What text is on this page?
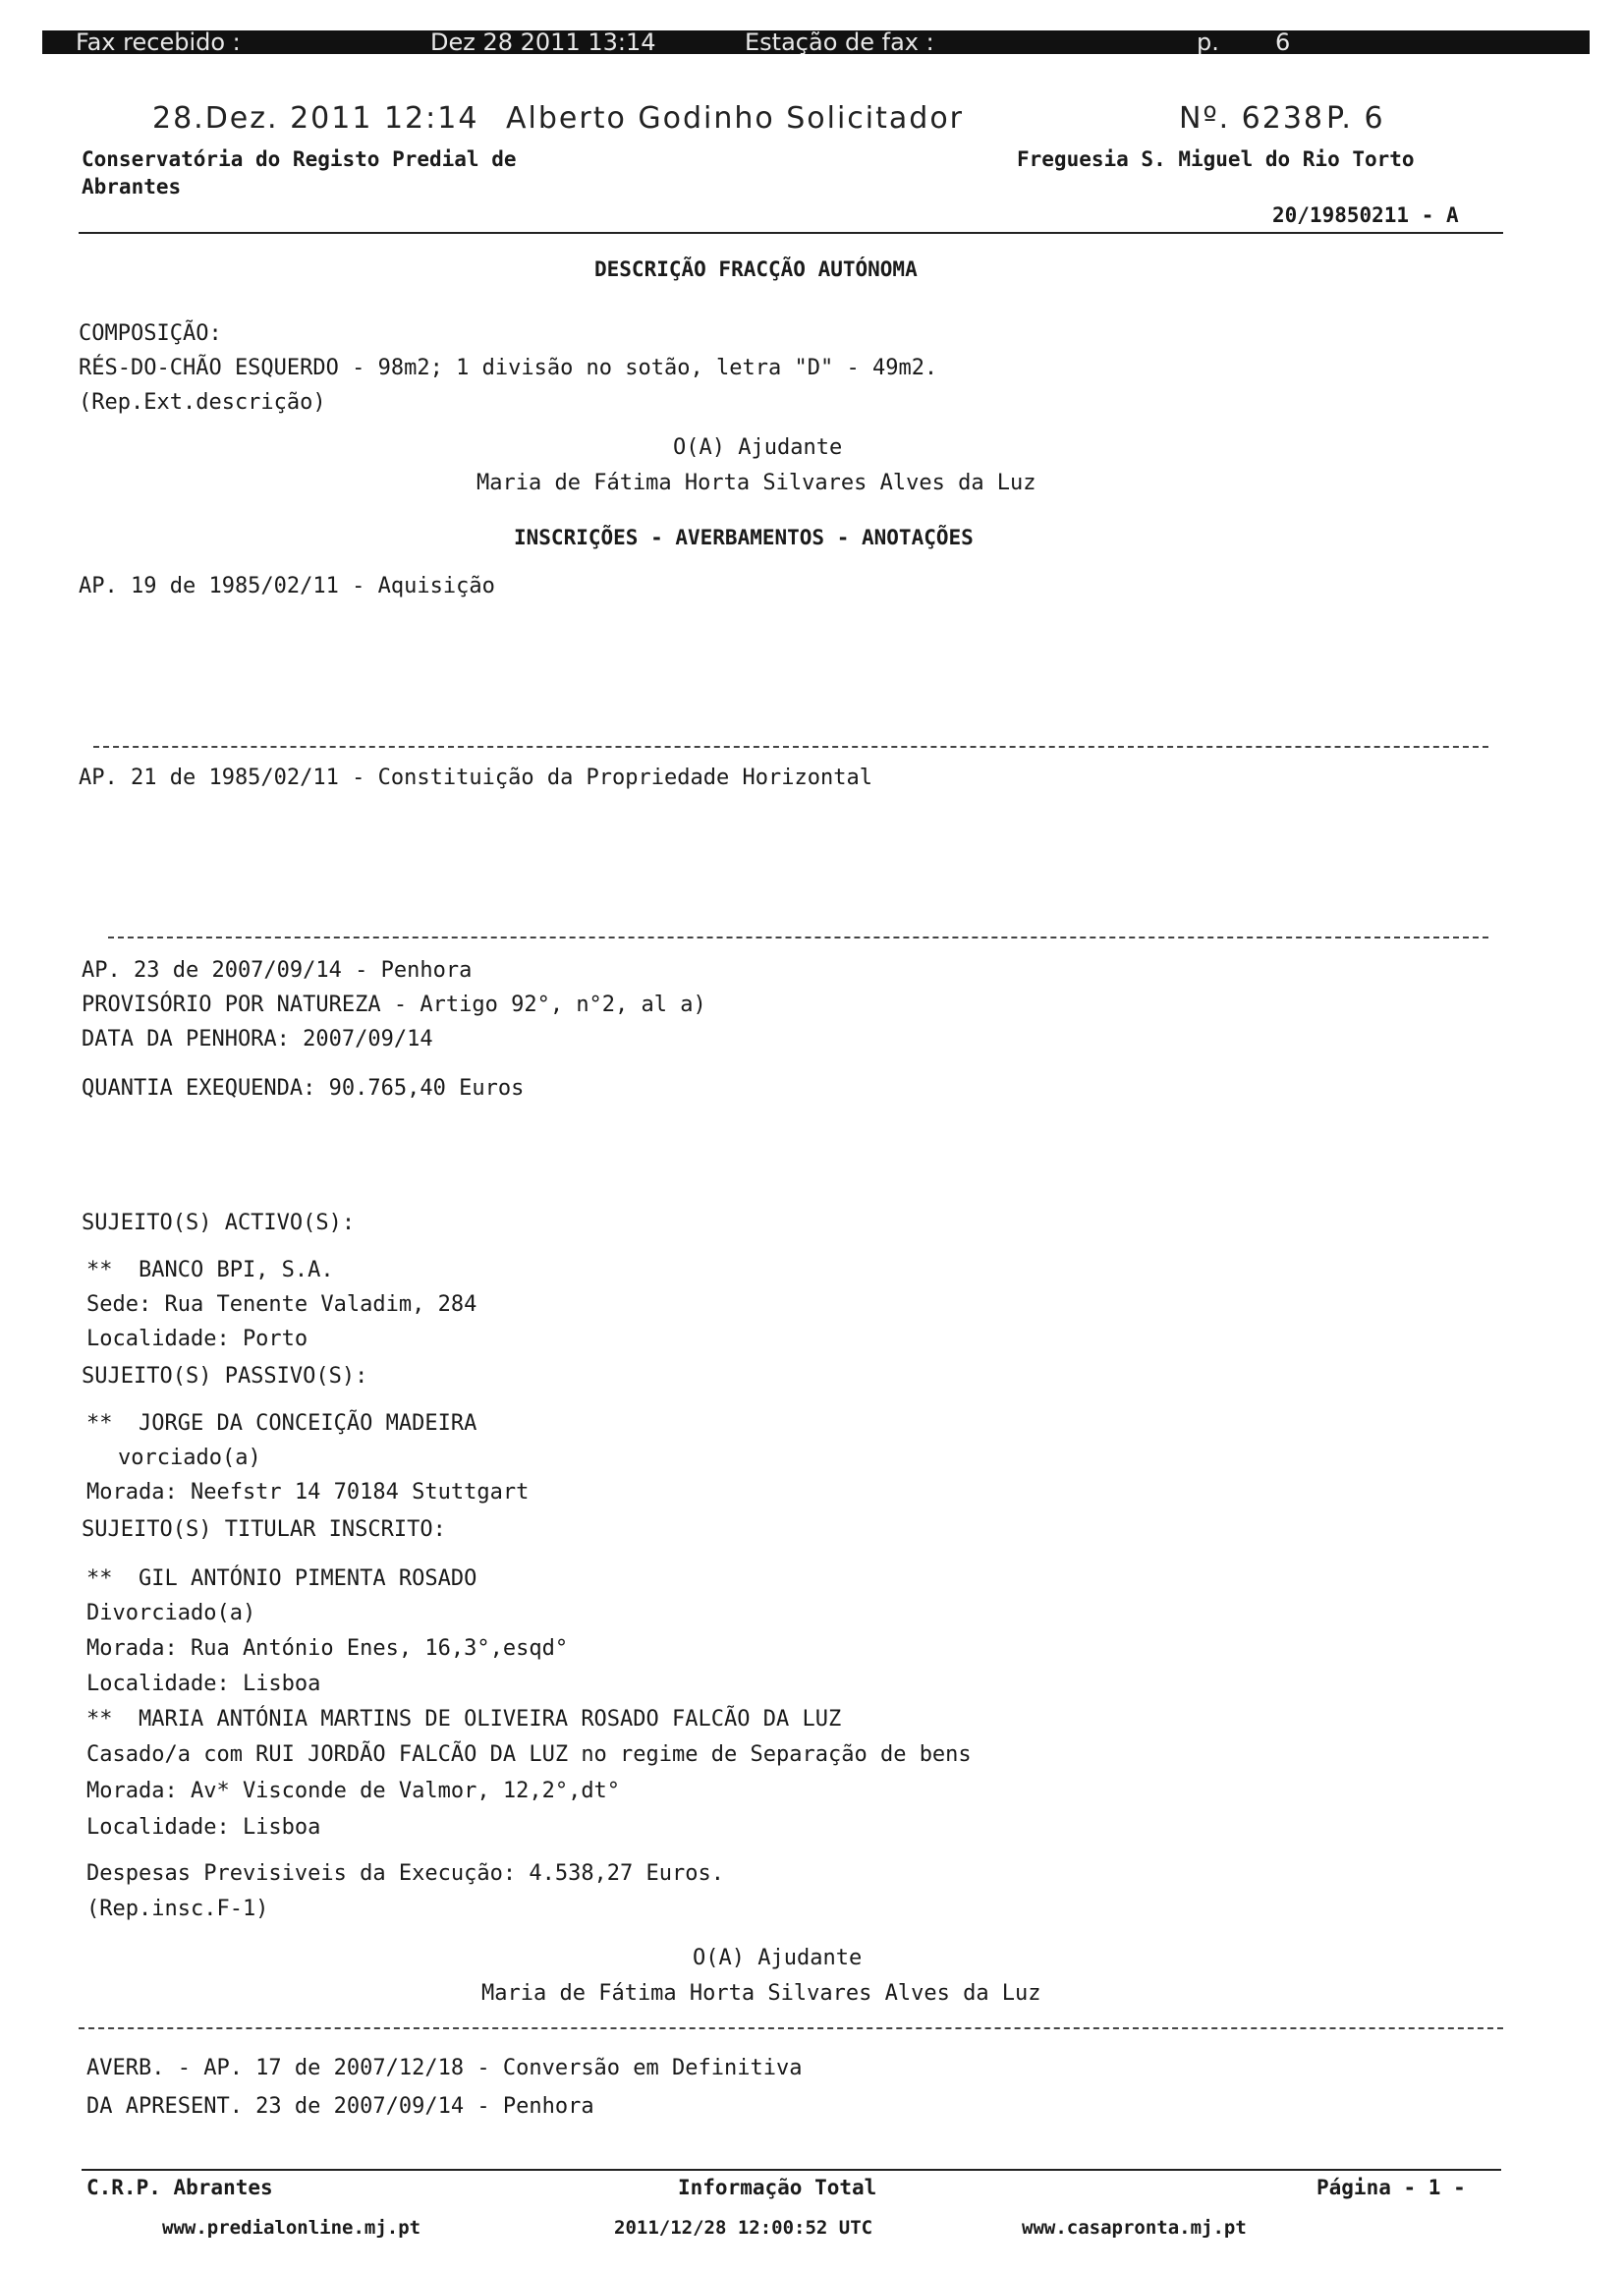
Fax recebido :	Dez 28 2011 13:14	Estação de fax :	p. 6
28.Dez. 2011 12:14 Alberto Godinho Solicitador	Nº. 6238 P. 6
Conservatória do Registo Predial de
Abrantes
Freguesia S. Miguel do Rio Torto
20/19850211 - A
DESCRIÇÃO FRACÇÃO AUTÓNOMA
COMPOSIÇÃO:
RÉS-DO-CHÃO ESQUERDO - 98m2; 1 divisão no sotão, letra "D" - 49m2.
(Rep.Ext.descrição)
O(A) Ajudante
Maria de Fátima Horta Silvares Alves da Luz
INSCRIÇÕES - AVERBAMENTOS - ANOTAÇÕES
AP. 19 de 1985/02/11 - Aquisição
AP. 21 de 1985/02/11 - Constituição da Propriedade Horizontal
AP. 23 de 2007/09/14 - Penhora
PROVISÓRIO POR NATUREZA - Artigo 92°, n°2, al a)
DATA DA PENHORA: 2007/09/14
QUANTIA EXEQUENDA: 90.765,40 Euros
SUJEITO(S) ACTIVO(S):
**  BANCO BPI, S.A.
Sede: Rua Tenente Valadim, 284
Localidade: Porto
SUJEITO(S) PASSIVO(S):
**  JORGE DA CONCEIÇÃO MADEIRA
vorciado(a)
Morada: Neefstr 14 70184 Stuttgart
SUJEITO(S) TITULAR INSCRITO:
**  GIL ANTÓNIO PIMENTA ROSADO
Divorciado(a)
Morada: Rua António Enes, 16,3°,esqd°
Localidade: Lisboa
**  MARIA ANTÓNIA MARTINS DE OLIVEIRA ROSADO FALCÃO DA LUZ
Casado/a com RUI JORDÃO FALCÃO DA LUZ no regime de Separação de bens
Morada: Av* Visconde de Valmor, 12,2°,dt°
Localidade: Lisboa
Despesas Previsiveis da Execução: 4.538,27 Euros.
(Rep.insc.F-1)
O(A) Ajudante
Maria de Fátima Horta Silvares Alves da Luz
AVERB. - AP. 17 de 2007/12/18 - Conversão em Definitiva
DA APRESENT. 23 de 2007/09/14 - Penhora
C.R.P. Abrantes	Informação Total	Página - 1 -
www.predialonline.mj.pt	2011/12/28 12:00:52 UTC	www.casapronta.mj.pt
